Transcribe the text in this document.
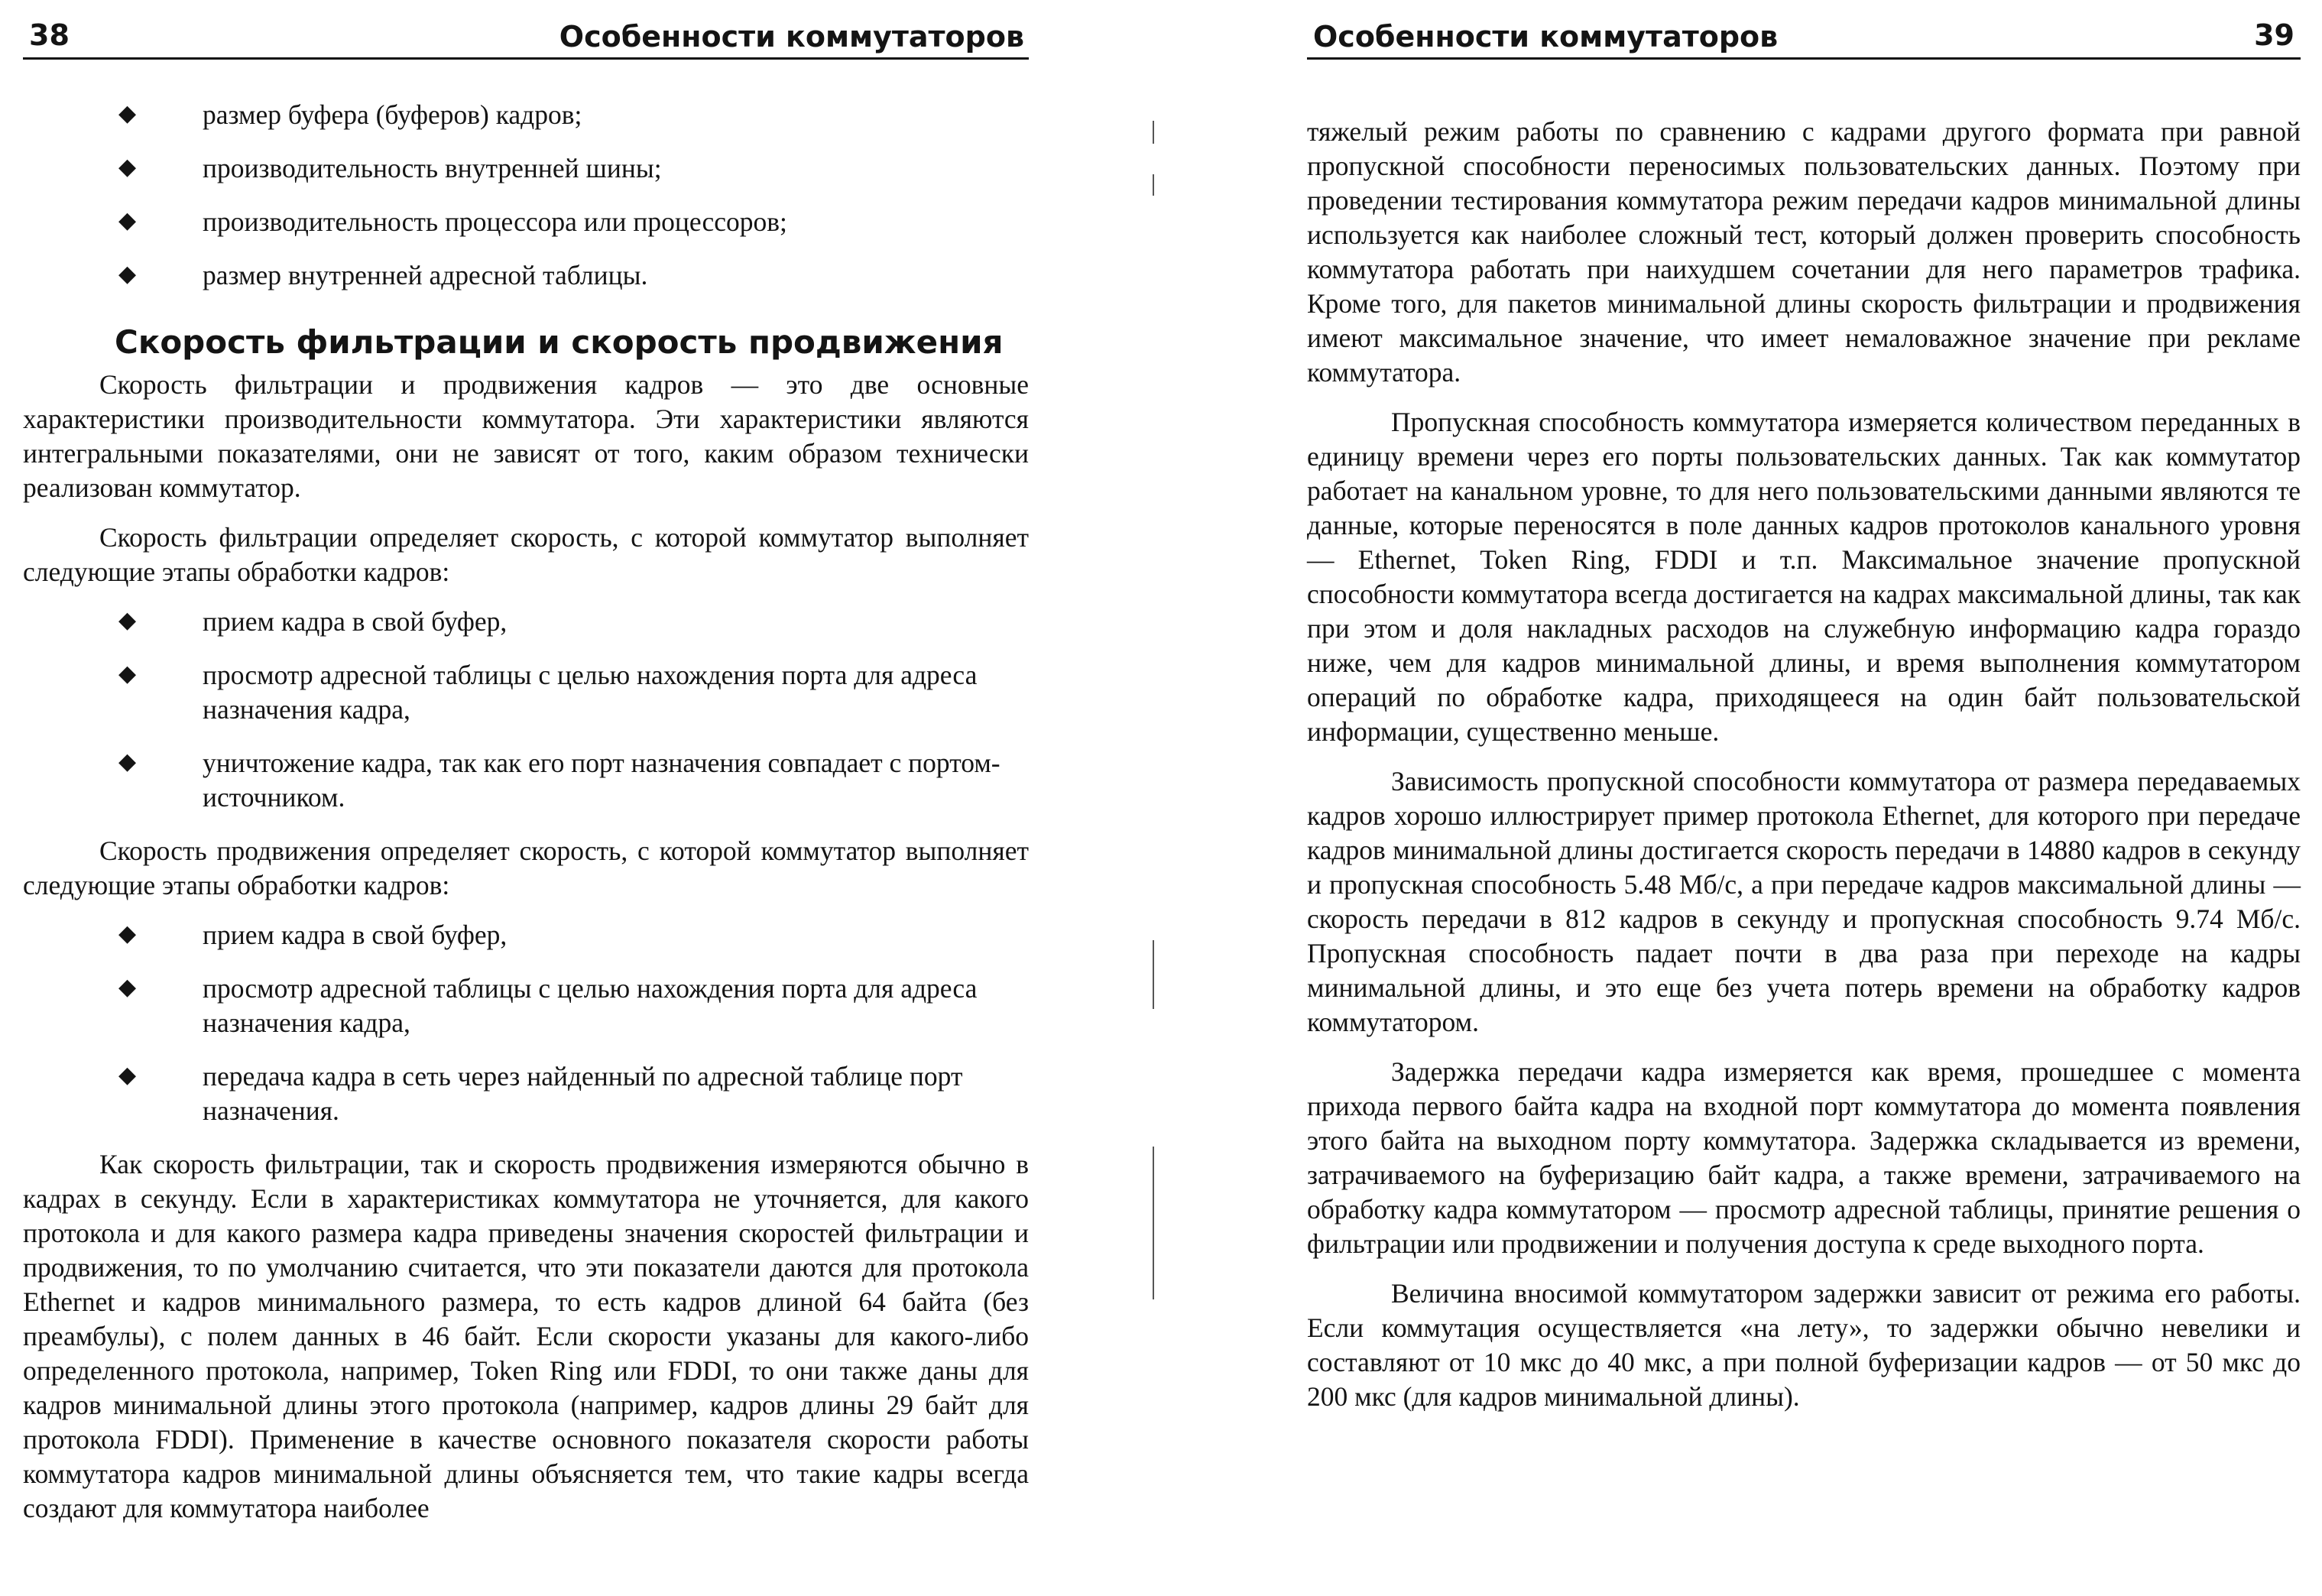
38	Особенности коммутаторов
◆ размер буфера (буферов) кадров;
◆ производительность внутренней шины;
◆ производительность процессора или процессоров;
◆ размер внутренней адресной таблицы.
Скорость фильтрации и скорость продвижения

Скорость фильтрации и продвижения кадров — это две основные характеристики производительности коммутатора. Эти характеристики являются интегральными показателями, они не зависят от того, каким образом технически реализован коммутатор.

Скорость фильтрации определяет скорость, с которой коммутатор выполняет следующие этапы обработки кадров:

◆ прием кадра в свой буфер,
◆ просмотр адресной таблицы с целью нахождения порта для адреса назначения кадра,
◆ уничтожение кадра, так как его порт назначения совпадает с портом-источником.

Скорость продвижения определяет скорость, с которой коммутатор выполняет следующие этапы обработки кадров:

◆ прием кадра в свой буфер,
◆ просмотр адресной таблицы с целью нахождения порта для адреса назначения кадра,
◆ передача кадра в сеть через найденный по адресной таблице порт назначения.

Как скорость фильтрации, так и скорость продвижения измеряются обычно в кадрах в секунду. Если в характеристиках коммутатора не уточняется, для какого протокола и для какого размера кадра приведены значения скоростей фильтрации и продвижения, то по умолчанию считается, что эти показатели даются для протокола Ethernet и кадров минимального размера, то есть кадров длиной 64 байта (без преамбулы), с полем данных в 46 байт. Если скорости указаны для какого-либо определенного протокола, например, Token Ring или FDDI, то они также даны для кадров минимальной длины этого протокола (например, кадров длины 29 байт для протокола FDDI). Применение в качестве основного показателя скорости работы коммутатора кадров минимальной длины объясняется тем, что такие кадры всегда создают для коммутатора наиболее

Особенности коммутаторов	39

тяжелый режим работы по сравнению с кадрами другого формата при равной пропускной способности переносимых пользовательских данных. Поэтому при проведении тестирования коммутатора режим передачи кадров минимальной длины используется как наиболее сложный тест, который должен проверить способность коммутатора работать при наихудшем сочетании для него параметров трафика. Кроме того, для пакетов минимальной длины скорость фильтрации и продвижения имеют максимальное значение, что имеет немаловажное значение при рекламе коммутатора.

Пропускная способность коммутатора измеряется количеством переданных в единицу времени через его порты пользовательских данных. Так как коммутатор работает на канальном уровне, то для него пользовательскими данными являются те данные, которые переносятся в поле данных кадров протоколов канального уровня — Ethernet, Token Ring, FDDI и т.п. Максимальное значение пропускной способности коммутатора всегда достигается на кадрах максимальной длины, так как при этом и доля накладных расходов на служебную информацию кадра гораздо ниже, чем для кадров минимальной длины, и время выполнения коммутатором операций по обработке кадра, приходящееся на один байт пользовательской информации, существенно меньше.

Зависимость пропускной способности коммутатора от размера передаваемых кадров хорошо иллюстрирует пример протокола Ethernet, для которого при передаче кадров минимальной длины достигается скорость передачи в 14880 кадров в секунду и пропускная способность 5.48 Мб/с, а при передаче кадров максимальной длины — скорость передачи в 812 кадров в секунду и пропускная способность 9.74 Мб/с. Пропускная способность падает почти в два раза при переходе на кадры минимальной длины, и это еще без учета потерь времени на обработку кадров коммутатором.

Задержка передачи кадра измеряется как время, прошедшее с момента прихода первого байта кадра на входной порт коммутатора до момента появления этого байта на выходном порту коммутатора. Задержка складывается из времени, затрачиваемого на буферизацию байт кадра, а также времени, затрачиваемого на обработку кадра коммутатором — просмотр адресной таблицы, принятие решения о фильтрации или продвижении и получения доступа к среде выходного порта.

Величина вносимой коммутатором задержки зависит от режима его работы. Если коммутация осуществляется «на лету», то задержки обычно невелики и составляют от 10 мкс до 40 мкс, а при полной буферизации кадров — от 50 мкс до 200 мкс (для кадров минимальной длины).
